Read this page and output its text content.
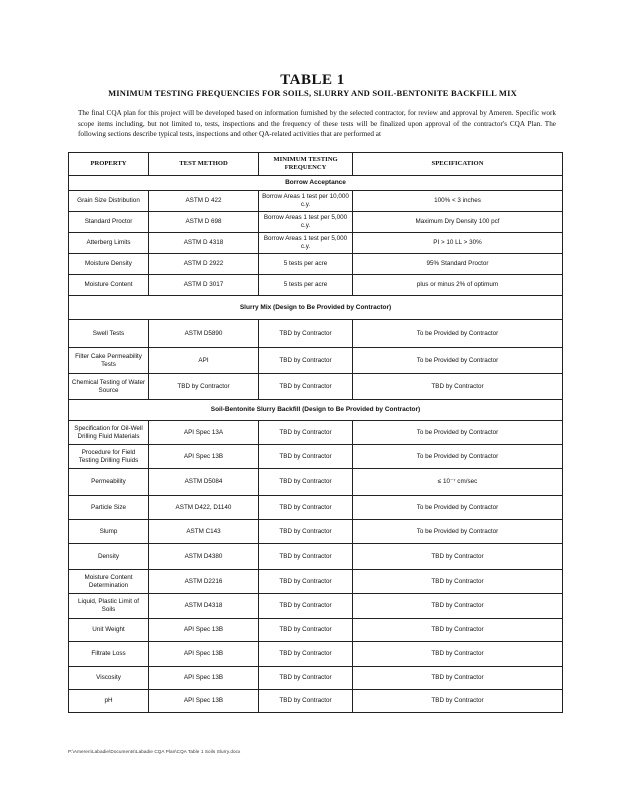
TABLE 1
MINIMUM TESTING FREQUENCIES FOR SOILS, SLURRY AND SOIL-BENTONITE BACKFILL MIX
The final CQA plan for this project will be developed based on information furnished by the selected contractor, for review and approval by Ameren. Specific work scope items including, but not limited to, tests, inspections and the frequency of these tests will be finalized upon approval of the contractor's CQA Plan. The following sections describe typical tests, inspections and other QA-related activities that are performed at
PROPERTY	TEST METHOD	MINIMUM TESTING FREQUENCY	SPECIFICATION
Borrow Acceptance			
Grain Size Distribution	ASTM D 422	Borrow Areas 1 test per 10,000 c.y.	100% < 3 inches
Standard Proctor	ASTM D 698	Borrow Areas 1 test per 5,000 c.y.	Maximum Dry Density 100 pcf
Atterberg Limits	ASTM D 4318	Borrow Areas 1 test per 5,000 c.y.	PI > 10 LL > 30%
Moisture Density	ASTM D 2922	5 tests per acre	95% Standard Proctor
Moisture Content	ASTM D 3017	5 tests per acre	plus or minus 2% of optimum
Slurry Mix (Design to Be Provided by Contractor)			
Swell Tests	ASTM D5890	TBD by Contractor	To be Provided by Contractor
Filter Cake Permeability Tests	API	TBD by Contractor	To be Provided by Contractor
Chemical Testing of Water Source	TBD by Contractor	TBD by Contractor	TBD by Contractor
Soil-Bentonite Slurry Backfill (Design to Be Provided by Contractor)			
Specification for Oil-Well Drilling Fluid Materials	API Spec 13A	TBD by Contractor	To be Provided by Contractor
Procedure for Field Testing Drilling Fluids	API Spec 13B	TBD by Contractor	To be Provided by Contractor
Permeability	ASTM D5084	TBD by Contractor	≤ 10⁻⁷ cm/sec
Particle Size	ASTM D422, D1140	TBD by Contractor	To be Provided by Contractor
Slump	ASTM C143	TBD by Contractor	To be Provided by Contractor
Density	ASTM D4380	TBD by Contractor	TBD by Contractor
Moisture Content Determination	ASTM D2216	TBD by Contractor	TBD by Contractor
Liquid, Plastic Limit of Soils	ASTM D4318	TBD by Contractor	TBD by Contractor
Unit Weight	API Spec 13B	TBD by Contractor	TBD by Contractor
Filtrate Loss	API Spec 13B	TBD by Contractor	TBD by Contractor
Viscosity	API Spec 13B	TBD by Contractor	TBD by Contractor
pH	API Spec 13B	TBD by Contractor	TBD by Contractor
P:\Ameren\Labadie\Documents\Labadie CQA Plan\CQA Table 1 Soils Slurry.docx
